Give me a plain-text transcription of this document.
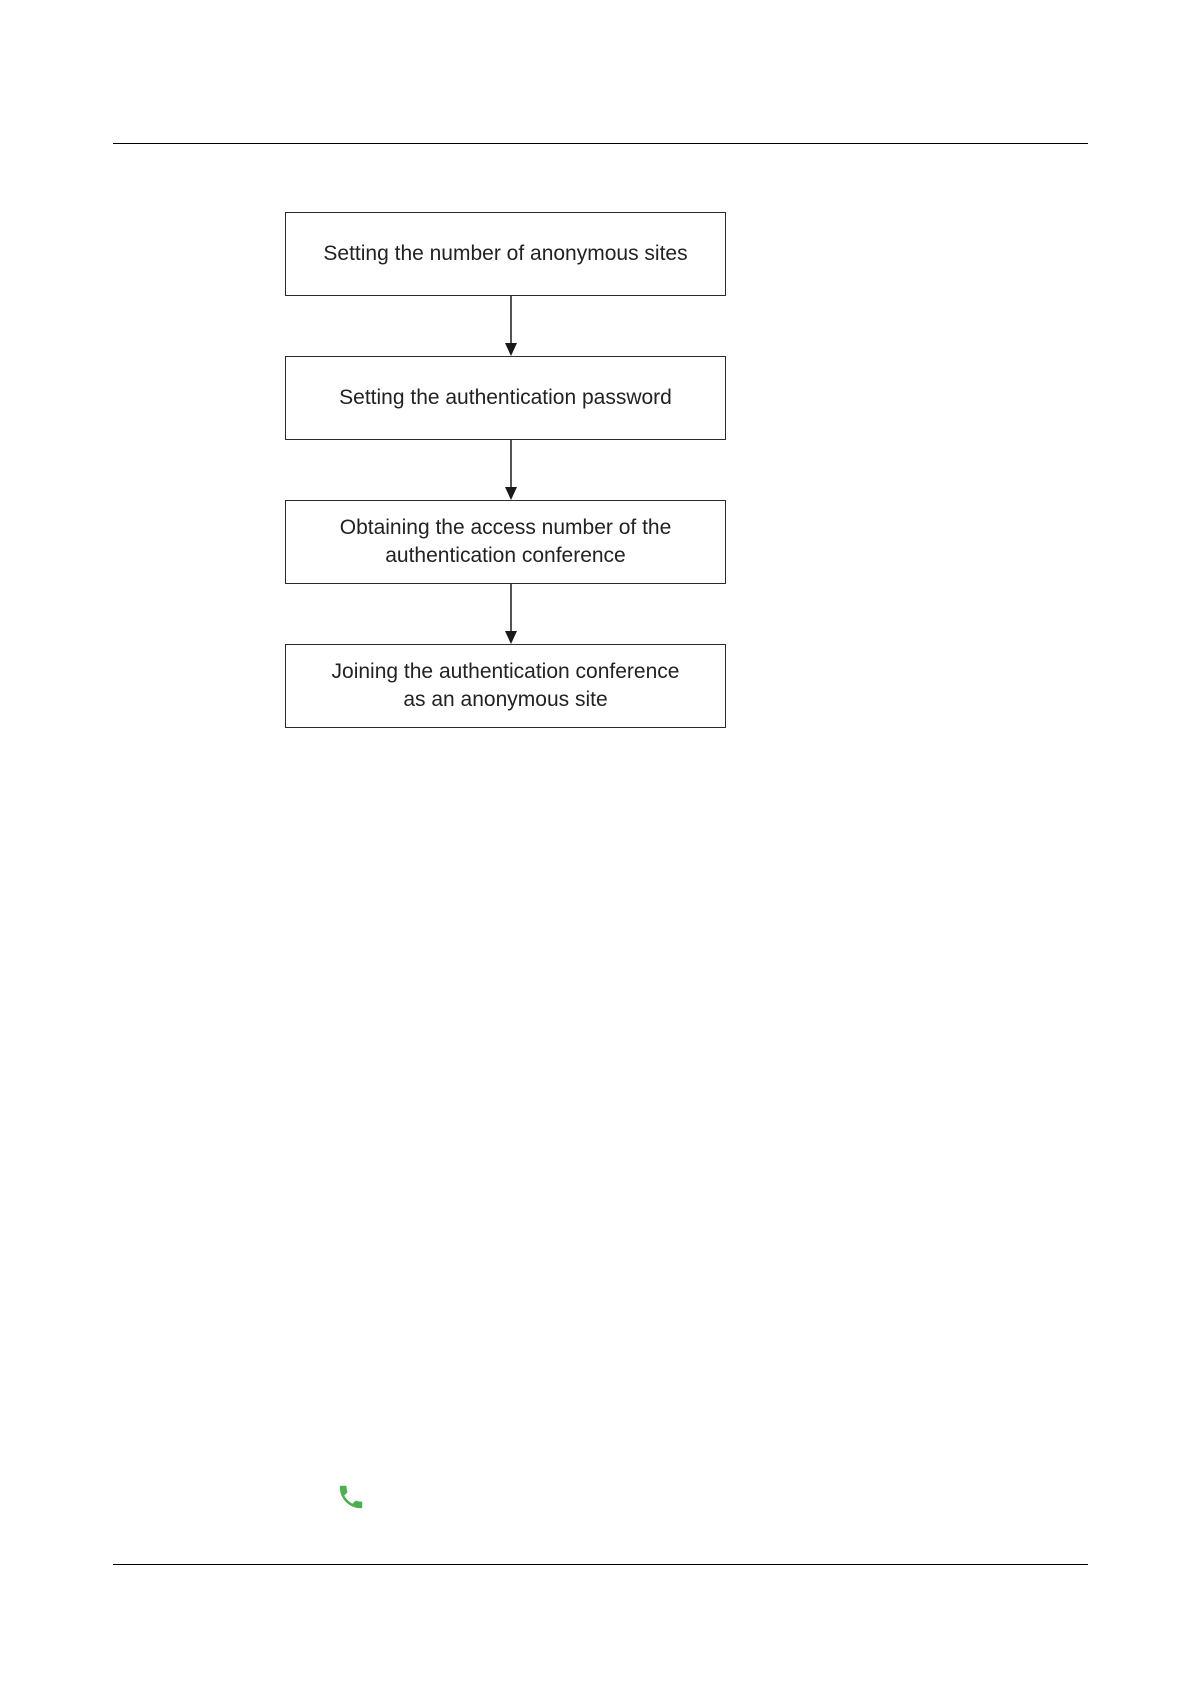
Setting the number of anonymous sites
Setting the authentication password
Obtaining the access number of the
authentication conference
Joining the authentication conference
as an anonymous site
